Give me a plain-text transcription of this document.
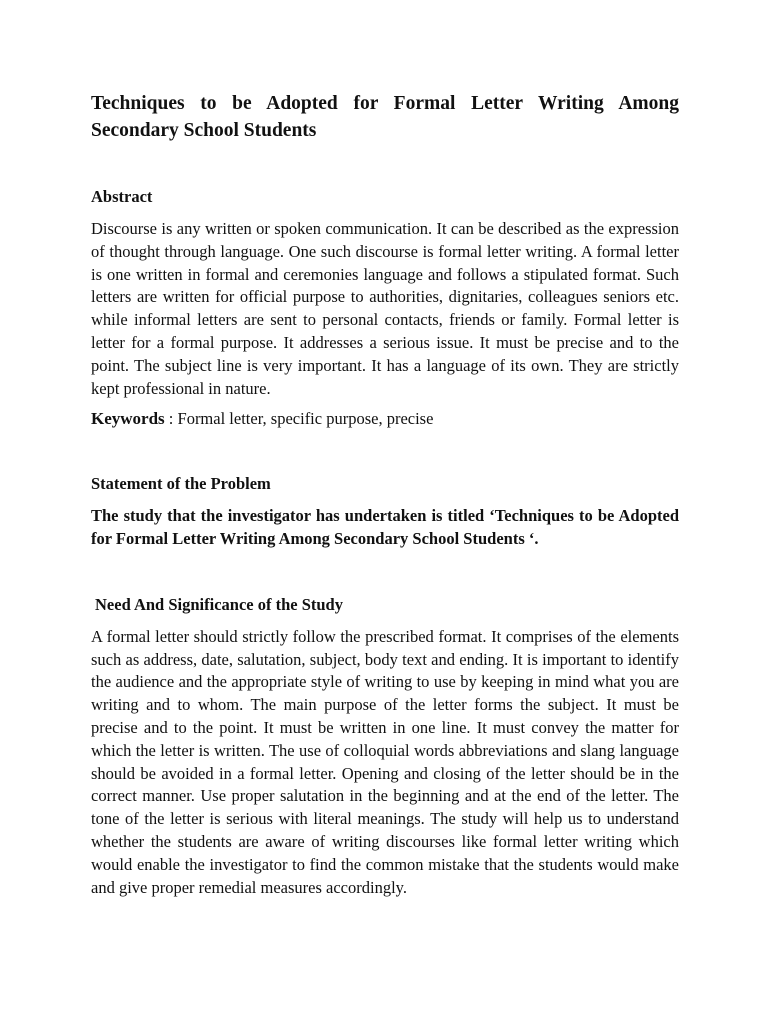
Techniques to be Adopted for Formal Letter Writing Among Secondary School Students
Abstract

Discourse is any written or spoken communication. It can be described as the expression of thought through language. One such discourse is formal letter writing. A formal letter is one written in formal and ceremonies language and follows a stipulated format. Such letters are written for official purpose to authorities, dignitaries, colleagues seniors etc. while informal letters are sent to personal contacts, friends or family. Formal letter is letter for a formal purpose. It addresses a serious issue. It must be precise and to the point. The subject line is very important. It has a language of its own. They are strictly kept professional in nature.

Keywords : Formal letter, specific purpose, precise

Statement of the Problem

The study that the investigator has undertaken is titled ‘Techniques to be Adopted for Formal Letter Writing Among Secondary School Students ‘.

Need And Significance of the Study

A formal letter should strictly follow the prescribed format. It comprises of the elements such as address, date, salutation, subject, body text and ending. It is important to identify the audience and the appropriate style of writing to use by keeping in mind what you are writing and to whom. The main purpose of the letter forms the subject. It must be precise and to the point. It must be written in one line. It must convey the matter for which the letter is written. The use of colloquial words abbreviations and slang language should be avoided in a formal letter. Opening and closing of the letter should be in the correct manner. Use proper salutation in the beginning and at the end of the letter. The tone of the letter is serious with literal meanings. The study will help us to understand whether the students are aware of writing discourses like formal letter writing which would enable the investigator to find the common mistake that the students would make and give proper remedial measures accordingly.
